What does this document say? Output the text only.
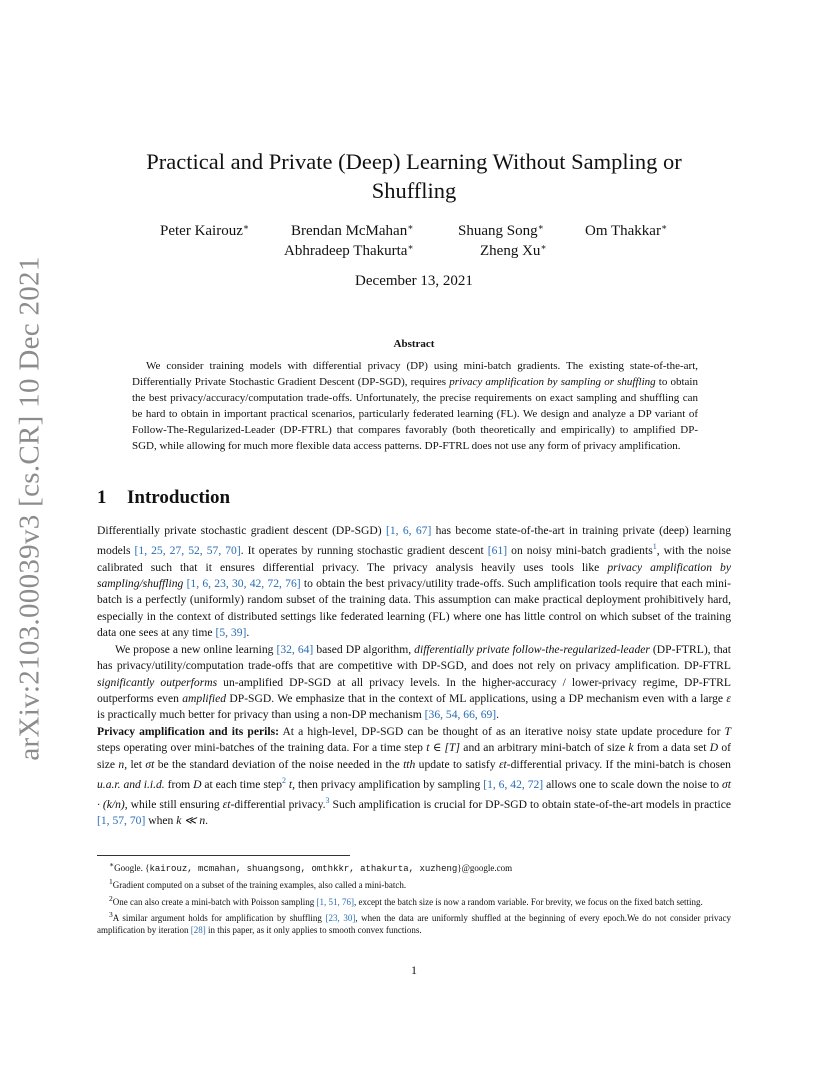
arXiv:2103.00039v3 [cs.CR] 10 Dec 2021
Practical and Private (Deep) Learning Without Sampling or
Shuffling
Peter Kairouz∗	Brendan McMahan∗	Shuang Song∗	Om Thakkar∗
Abhradeep Thakurta∗	Zheng Xu∗
December 13, 2021
Abstract
We consider training models with differential privacy (DP) using mini-batch gradients. The existing state-of-the-art, Differentially Private Stochastic Gradient Descent (DP-SGD), requires privacy amplification by sampling or shuffling to obtain the best privacy/accuracy/computation trade-offs. Unfortunately, the precise requirements on exact sampling and shuffling can be hard to obtain in important practical scenarios, particularly federated learning (FL). We design and analyze a DP variant of Follow-The-Regularized-Leader (DP-FTRL) that compares favorably (both theoretically and empirically) to amplified DP-SGD, while allowing for much more flexible data access patterns. DP-FTRL does not use any form of privacy amplification.
1 Introduction

Differentially private stochastic gradient descent (DP-SGD) [1, 6, 67] has become state-of-the-art in training private (deep) learning models [1, 25, 27, 52, 57, 70]. It operates by running stochastic gradient descent [61] on noisy mini-batch gradients$^1$, with the noise calibrated such that it ensures differential privacy. The privacy analysis heavily uses tools like privacy amplification by sampling/shuffling [1, 6, 23, 30, 42, 72, 76] to obtain the best privacy/utility trade-offs. Such amplification tools require that each mini-batch is a perfectly (uniformly) random subset of the training data. This assumption can make practical deployment prohibitively hard, especially in the context of distributed settings like federated learning (FL) where one has little control on which subset of the training data one sees at any time [5, 39].

We propose a new online learning [32, 64] based DP algorithm, differentially private follow-the-regularized-leader (DP-FTRL), that has privacy/utility/computation trade-offs that are competitive with DP-SGD, and does not rely on privacy amplification. DP-FTRL significantly outperforms un-amplified DP-SGD at all privacy levels. In the higher-accuracy / lower-privacy regime, DP-FTRL outperforms even amplified DP-SGD. We emphasize that in the context of ML applications, using a DP mechanism even with a large ε is practically much better for privacy than using a non-DP mechanism [36, 54, 66, 69].

Privacy amplification and its perils: At a high-level, DP-SGD can be thought of as an iterative noisy state update procedure for T steps operating over mini-batches of the training data. For a time step t ∈ [T] and an arbitrary mini-batch of size k from a data set D of size n, let σt be the standard deviation of the noise needed in the tth update to satisfy εt-differential privacy. If the mini-batch is chosen u.a.r. and i.i.d. from D at each time step$^2$ t, then privacy amplification by sampling [1, 6, 42, 72] allows one to scale down the noise to σt · (k/n), while still ensuring εt-differential privacy.$^3$ Such amplification is crucial for DP-SGD to obtain state-of-the-art models in practice [1, 57, 70] when k ≪ n.

∗Google. {kairouz, mcmahan, shuangsong, omthkkr, athakurta, xuzheng}@google.com

$^1$Gradient computed on a subset of the training examples, also called a mini-batch.

$^2$One can also create a mini-batch with Poisson sampling [1, 51, 76], except the batch size is now a random variable. For brevity, we focus on the fixed batch setting.

$^3$A similar argument holds for amplification by shuffling [23, 30], when the data are uniformly shuffled at the beginning of every epoch.We do not consider privacy amplification by iteration [28] in this paper, as it only applies to smooth convex functions.

1
